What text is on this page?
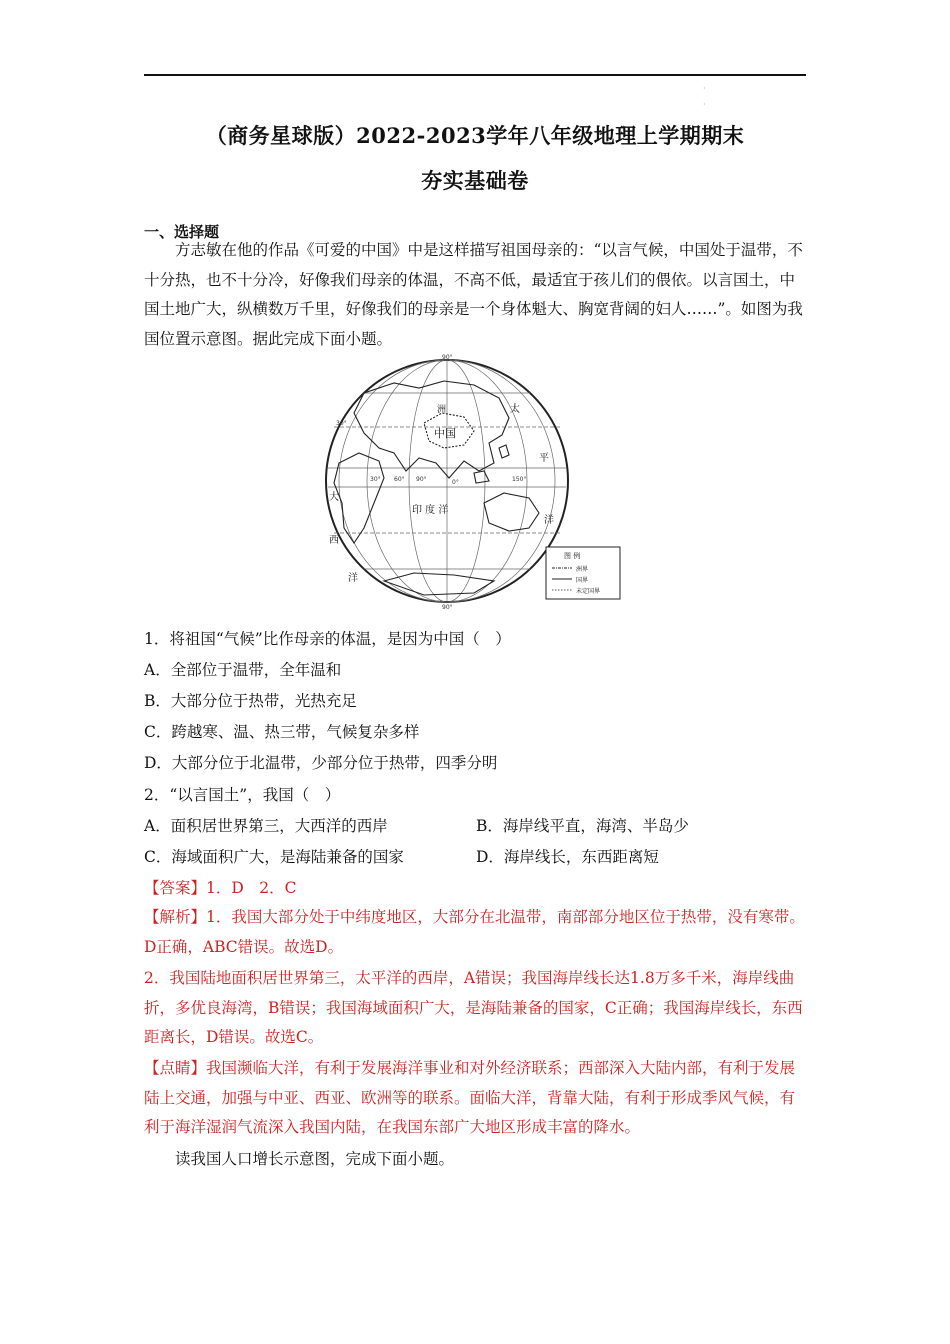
·
·
（商务星球版）2022-2023学年八年级地理上学期期末
夯实基础卷
一、选择题
方志敏在他的作品《可爱的中国》中是这样描写祖国母亲的：“以言气候，中国处于温带，不十分热，也不十分冷，好像我们母亲的体温，不高不低，最适宜于孩儿们的偎依。以言国土，中国土地广大，纵横数万千里，好像我们的母亲是一个身体魁大、胸宽背阔的妇人……”。如图为我国位置示意图。据此完成下面小题。
中国
太
平
洋
印 度 洋
大
西
洋
洲
90°
30°	0°
30°
60° 90°	150°
90°
图 例
洲界
国界
未定国界
1．将祖国“气候”比作母亲的体温，是因为中国（　）
A．全部位于温带，全年温和
B．大部分位于热带，光热充足
C．跨越寒、温、热三带，气候复杂多样
D．大部分位于北温带，少部分位于热带，四季分明
2．“以言国土”，我国（　）
A．面积居世界第三，大西洋的西岸	B．海岸线平直，海湾、半岛少
C．海域面积广大，是海陆兼备的国家	D．海岸线长，东西距离短
【答案】1．D　2．C
【解析】1．我国大部分处于中纬度地区，大部分在北温带，南部部分地区位于热带，没有寒带。D正确，ABC错误。故选D。
2．我国陆地面积居世界第三，太平洋的西岸，A错误；我国海岸线长达1.8万多千米，海岸线曲折，多优良海湾，B错误；我国海域面积广大，是海陆兼备的国家，C正确；我国海岸线长，东西距离长，D错误。故选C。
【点睛】我国濒临大洋，有利于发展海洋事业和对外经济联系；西部深入大陆内部，有利于发展陆上交通，加强与中亚、西亚、欧洲等的联系。面临大洋，背靠大陆，有利于形成季风气候，有利于海洋湿润气流深入我国内陆，在我国东部广大地区形成丰富的降水。
读我国人口增长示意图，完成下面小题。
